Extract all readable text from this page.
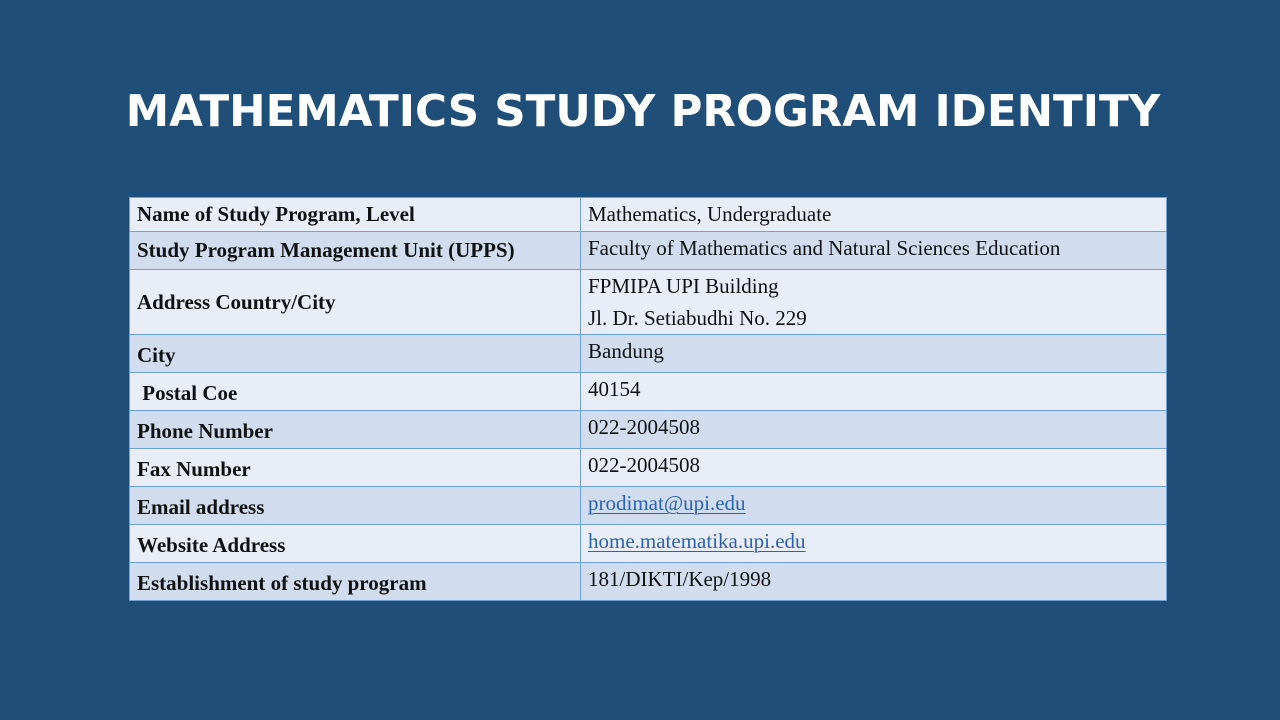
MATHEMATICS STUDY PROGRAM IDENTITY
Name of Study Program, Level	Mathematics, Undergraduate
Study Program Management Unit (UPPS)	Faculty of Mathematics and Natural Sciences Education
Address Country/City	FPMIPA UPI Building
Jl. Dr. Setiabudhi No. 229

City	Bandung
Postal Coe	40154
Phone Number	022-2004508
Fax Number	022-2004508
Email address	prodimat@upi.edu
Website Address	home.matematika.upi.edu
Establishment of study program	181/DIKTI/Kep/1998
